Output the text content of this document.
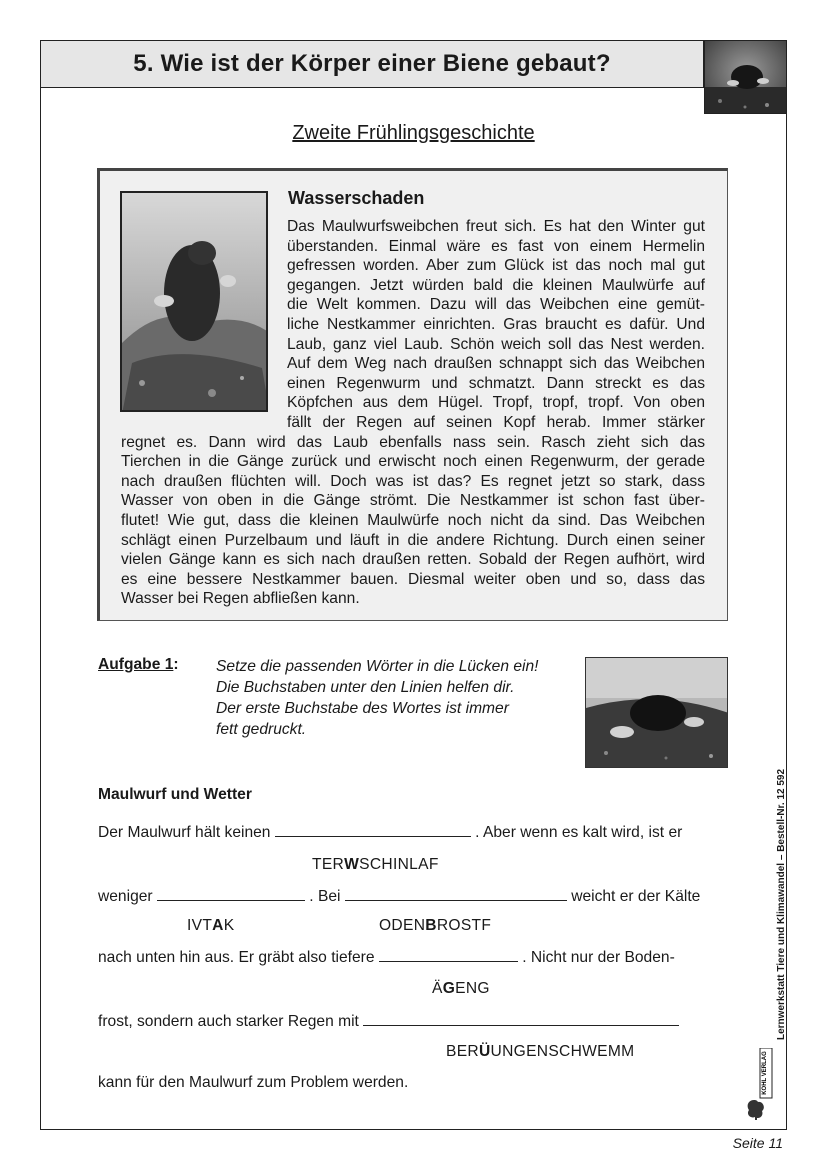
5. Wie ist der Körper einer Biene gebaut?
Zweite Frühlingsgeschichte
Wasserschaden
Das Maulwurfsweibchen freut sich. Es hat den Winter gut
überstanden. Einmal wäre es fast von einem Hermelin
gefressen worden. Aber zum Glück ist das noch mal gut
gegangen. Jetzt würden bald die kleinen Maulwürfe auf
die Welt kommen. Dazu will das Weibchen eine gemüt-
liche Nestkammer einrichten. Gras braucht es dafür. Und
Laub, ganz viel Laub. Schön weich soll das Nest werden.
Auf dem Weg nach draußen schnappt sich das Weibchen
einen Regenwurm und schmatzt. Dann streckt es das
Köpfchen aus dem Hügel. Tropf, tropf, tropf. Von oben
fällt der Regen auf seinen Kopf herab. Immer stärker
regnet es. Dann wird das Laub ebenfalls nass sein. Rasch zieht sich das
Tierchen in die Gänge zurück und erwischt noch einen Regenwurm, der gerade
nach draußen flüchten will. Doch was ist das? Es regnet jetzt so stark, dass
Wasser von oben in die Gänge strömt. Die Nestkammer ist schon fast über-
flutet! Wie gut, dass die kleinen Maulwürfe noch nicht da sind. Das Weibchen
schlägt einen Purzelbaum und läuft in die andere Richtung. Durch einen seiner
vielen Gänge kann es sich nach draußen retten. Sobald der Regen aufhört, wird
es eine bessere Nestkammer bauen. Diesmal weiter oben und so, dass das
Wasser bei Regen abfließen kann.
Aufgabe 1: Setze die passenden Wörter in die Lücken ein!
Die Buchstaben unter den Linien helfen dir.
Der erste Buchstabe des Wortes ist immer
fett gedruckt.
Maulwurf und Wetter
Der Maulwurf hält keinen	. Aber wenn es kalt wird, ist er
TERWSCHINLAF
weniger	. Bei	weicht er der Kälte
IVTAK	ODENBROSTF
nach unten hin aus. Er gräbt also tiefere	. Nicht nur der Boden-
ÄGENG
frost, sondern auch starker Regen mit
BERÜUNGENSCHWEMM
kann für den Maulwurf zum Problem werden.
Lernwerkstatt Tiere und Klimawandel – Bestell-Nr. 12 592
KOHL VERLAG
Seite 11
